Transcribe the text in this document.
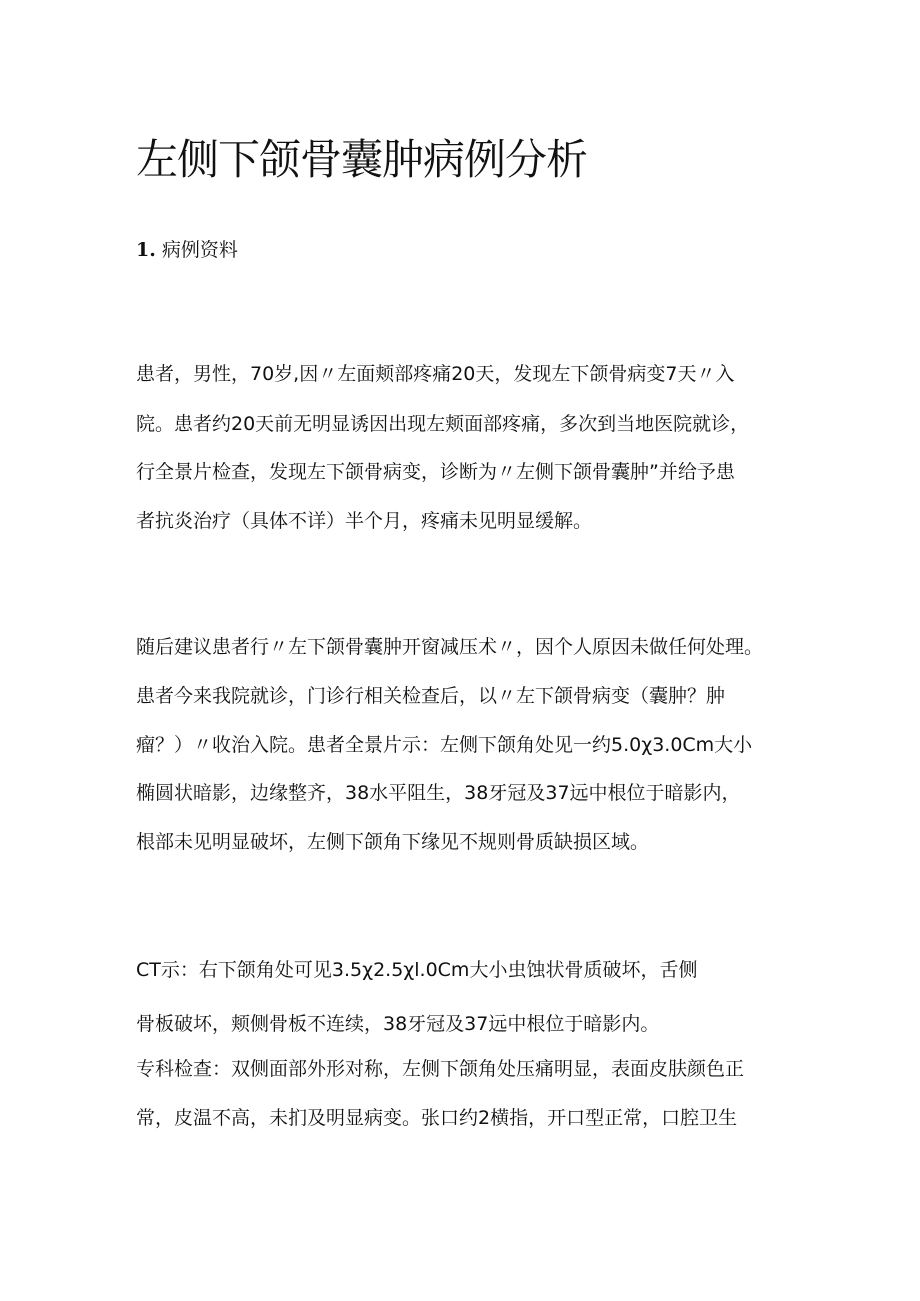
左侧下颌骨囊肿病例分析
1. 病例资料

患者，男性，70岁,因〃左面颊部疼痛20天，发现左下颌骨病变7天〃入

院。患者约20天前无明显诱因出现左颊面部疼痛，多次到当地医院就诊，

行全景片检查，发现左下颌骨病变，诊断为〃左侧下颌骨囊肿”并给予患

者抗炎治疗（具体不详）半个月，疼痛未见明显缓解。

随后建议患者行〃左下颌骨囊肿开窗减压术〃，因个人原因未做任何处理。

患者今来我院就诊，门诊行相关检查后，以〃左下颌骨病变（囊肿？肿

瘤？）〃收治入院。患者全景片示：左侧下颌角处见一约5.0χ3.0Cm大小

椭圆状暗影，边缘整齐，38水平阻生，38牙冠及37远中根位于暗影内，

根部未见明显破坏，左侧下颌角下缘见不规则骨质缺损区域。

CT示：右下颌角处可见3.5χ2.5χl.0Cm大小虫蚀状骨质破坏，舌侧

骨板破坏，颊侧骨板不连续，38牙冠及37远中根位于暗影内。

专科检查：双侧面部外形对称，左侧下颌角处压痛明显，表面皮肤颜色正

常，皮温不高，未扪及明显病变。张口约2横指，开口型正常，口腔卫生
